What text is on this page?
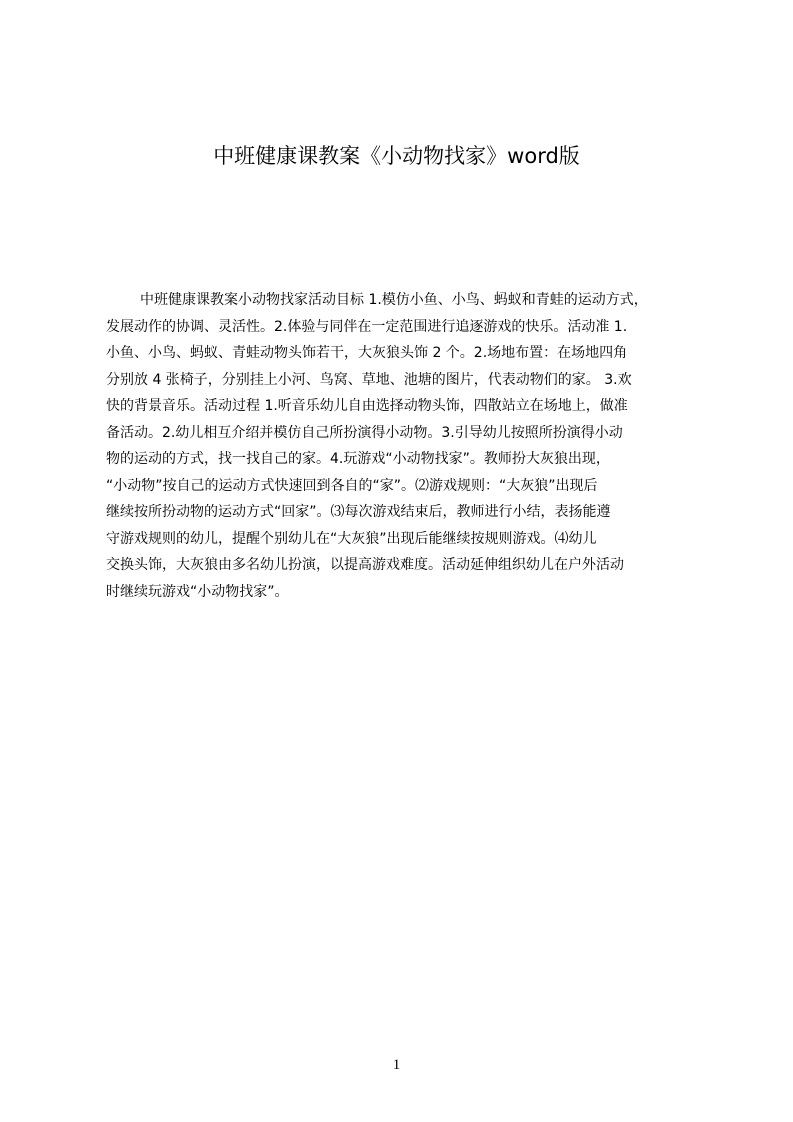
中班健康课教案《小动物找家》word版
中班健康课教案小动物找家活动目标 1.模仿小鱼、小鸟、蚂蚁和青蛙的运动方式，
发展动作的协调、灵活性。2.体验与同伴在一定范围进行追逐游戏的快乐。活动准 1.
小鱼、小鸟、蚂蚁、青蛙动物头饰若干，大灰狼头饰 2 个。2.场地布置：在场地四角
分别放 4 张椅子，分别挂上小河、鸟窝、草地、池塘的图片，代表动物们的家。 3.欢
快的背景音乐。活动过程 1.听音乐幼儿自由选择动物头饰，四散站立在场地上，做准
备活动。2.幼儿相互介绍并模仿自己所扮演得小动物。3.引导幼儿按照所扮演得小动
物的运动的方式，找一找自己的家。4.玩游戏“小动物找家”。教师扮大灰狼出现，
“小动物”按自己的运动方式快速回到各自的“家”。⑵游戏规则：“大灰狼”出现后
继续按所扮动物的运动方式“回家”。⑶每次游戏结束后，教师进行小结，表扬能遵
守游戏规则的幼儿，提醒个别幼儿在“大灰狼”出现后能继续按规则游戏。⑷幼儿
交换头饰，大灰狼由多名幼儿扮演，以提高游戏难度。活动延伸组织幼儿在户外活动
时继续玩游戏“小动物找家”。
1
